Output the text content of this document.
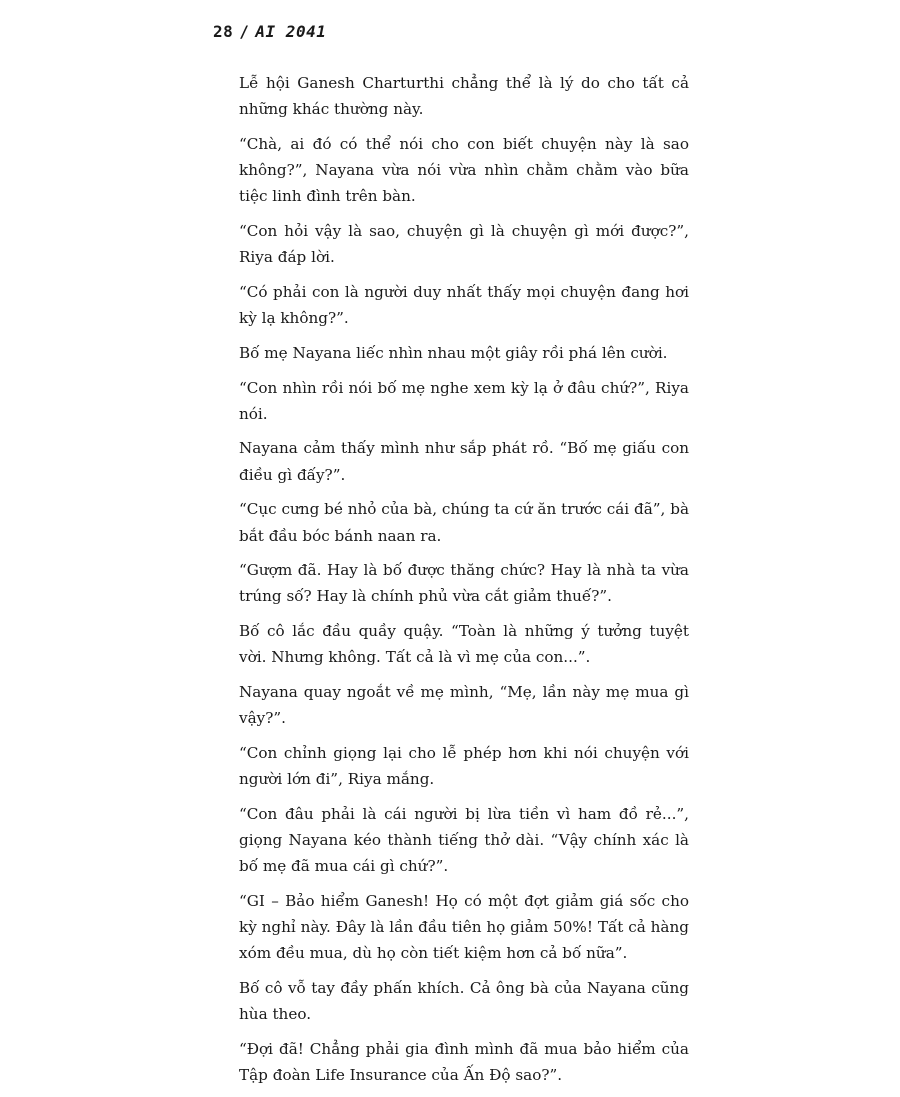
28 / AI 2041

Lễ hội Ganesh Charturthi chẳng thể là lý do cho tất cả những khác thường này.

“Chà, ai đó có thể nói cho con biết chuyện này là sao không?”, Nayana vừa nói vừa nhìn chằm chằm vào bữa tiệc linh đình trên bàn.

“Con hỏi vậy là sao, chuyện gì là chuyện gì mới được?”, Riya đáp lời.

“Có phải con là người duy nhất thấy mọi chuyện đang hơi kỳ lạ không?”.

Bố mẹ Nayana liếc nhìn nhau một giây rồi phá lên cười.

“Con nhìn rồi nói bố mẹ nghe xem kỳ lạ ở đâu chứ?”, Riya nói.

Nayana cảm thấy mình như sắp phát rồ. “Bố mẹ giấu con điều gì đấy?”.

“Cục cưng bé nhỏ của bà, chúng ta cứ ăn trước cái đã”, bà bắt đầu bóc bánh naan ra.

“Gượm đã. Hay là bố được thăng chức? Hay là nhà ta vừa trúng số? Hay là chính phủ vừa cắt giảm thuế?”.

Bố cô lắc đầu quầy quậy. “Toàn là những ý tưởng tuyệt vời. Nhưng không. Tất cả là vì mẹ của con...”.

Nayana quay ngoắt về mẹ mình, “Mẹ, lần này mẹ mua gì vậy?”.

“Con chỉnh giọng lại cho lễ phép hơn khi nói chuyện với người lớn đi”, Riya mắng.

“Con đâu phải là cái người bị lừa tiền vì ham đồ rẻ...”, giọng Nayana kéo thành tiếng thở dài. “Vậy chính xác là bố mẹ đã mua cái gì chứ?”.

“GI – Bảo hiểm Ganesh! Họ có một đợt giảm giá sốc cho kỳ nghỉ này. Đây là lần đầu tiên họ giảm 50%! Tất cả hàng xóm đều mua, dù họ còn tiết kiệm hơn cả bố nữa”.

Bố cô vỗ tay đầy phấn khích. Cả ông bà của Nayana cũng hùa theo.

“Đợi đã! Chẳng phải gia đình mình đã mua bảo hiểm của Tập đoàn Life Insurance của Ấn Độ sao?”.
